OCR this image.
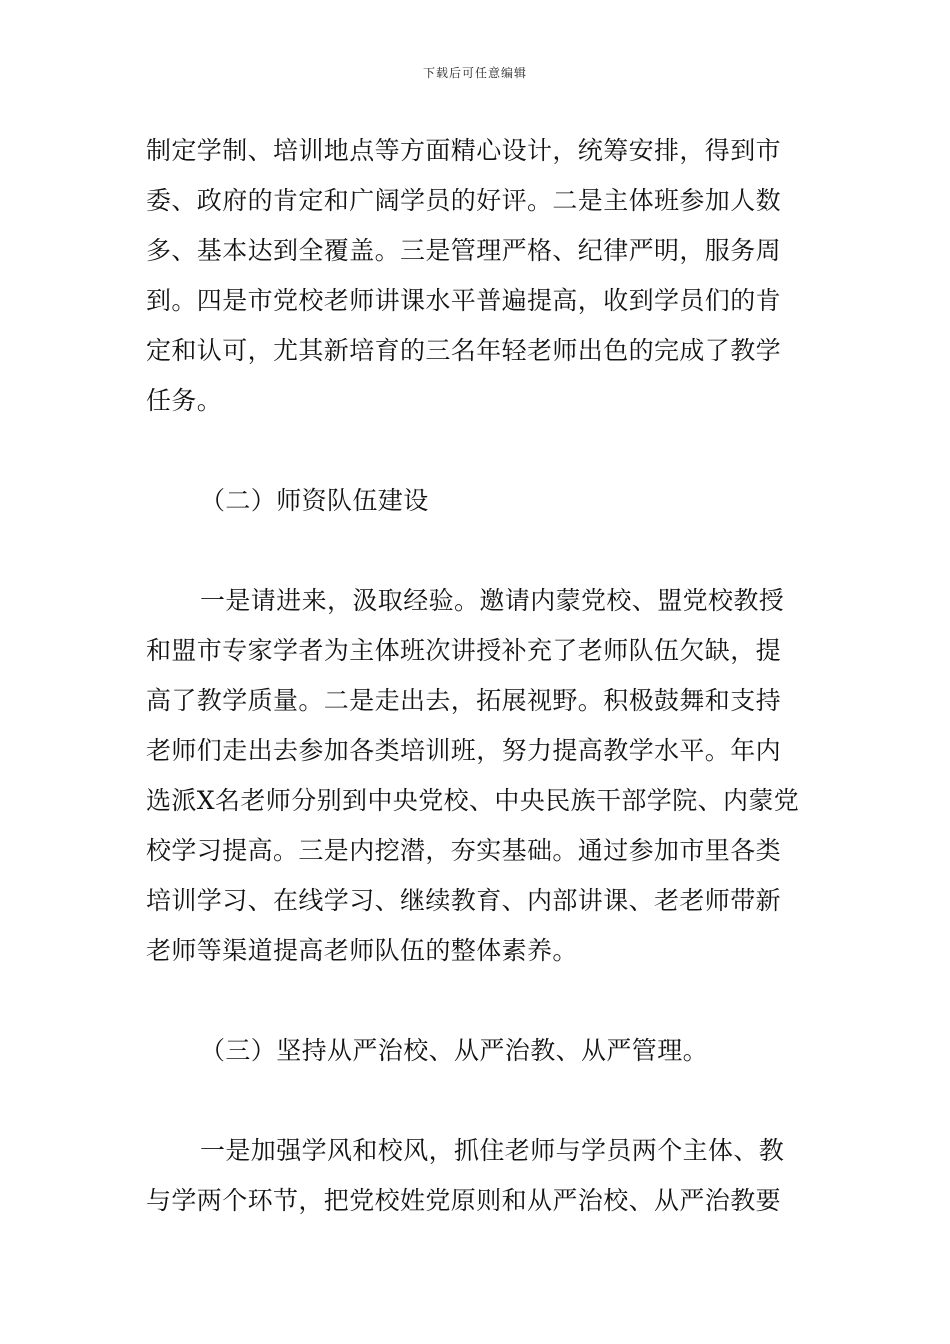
下载后可任意编辑
制定学制、培训地点等方面精心设计，统筹安排，得到市
委、政府的肯定和广阔学员的好评。二是主体班参加人数
多、基本达到全覆盖。三是管理严格、纪律严明，服务周
到。四是市党校老师讲课水平普遍提高，收到学员们的肯
定和认可，尤其新培育的三名年轻老师出色的完成了教学
任务。
（二）师资队伍建设
一是请进来，汲取经验。邀请内蒙党校、盟党校教授
和盟市专家学者为主体班次讲授补充了老师队伍欠缺，提
高了教学质量。二是走出去，拓展视野。积极鼓舞和支持
老师们走出去参加各类培训班，努力提高教学水平。年内
选派X名老师分别到中央党校、中央民族干部学院、内蒙党
校学习提高。三是内挖潜，夯实基础。通过参加市里各类
培训学习、在线学习、继续教育、内部讲课、老老师带新
老师等渠道提高老师队伍的整体素养。
（三）坚持从严治校、从严治教、从严管理。
一是加强学风和校风，抓住老师与学员两个主体、教
与学两个环节，把党校姓党原则和从严治校、从严治教要
